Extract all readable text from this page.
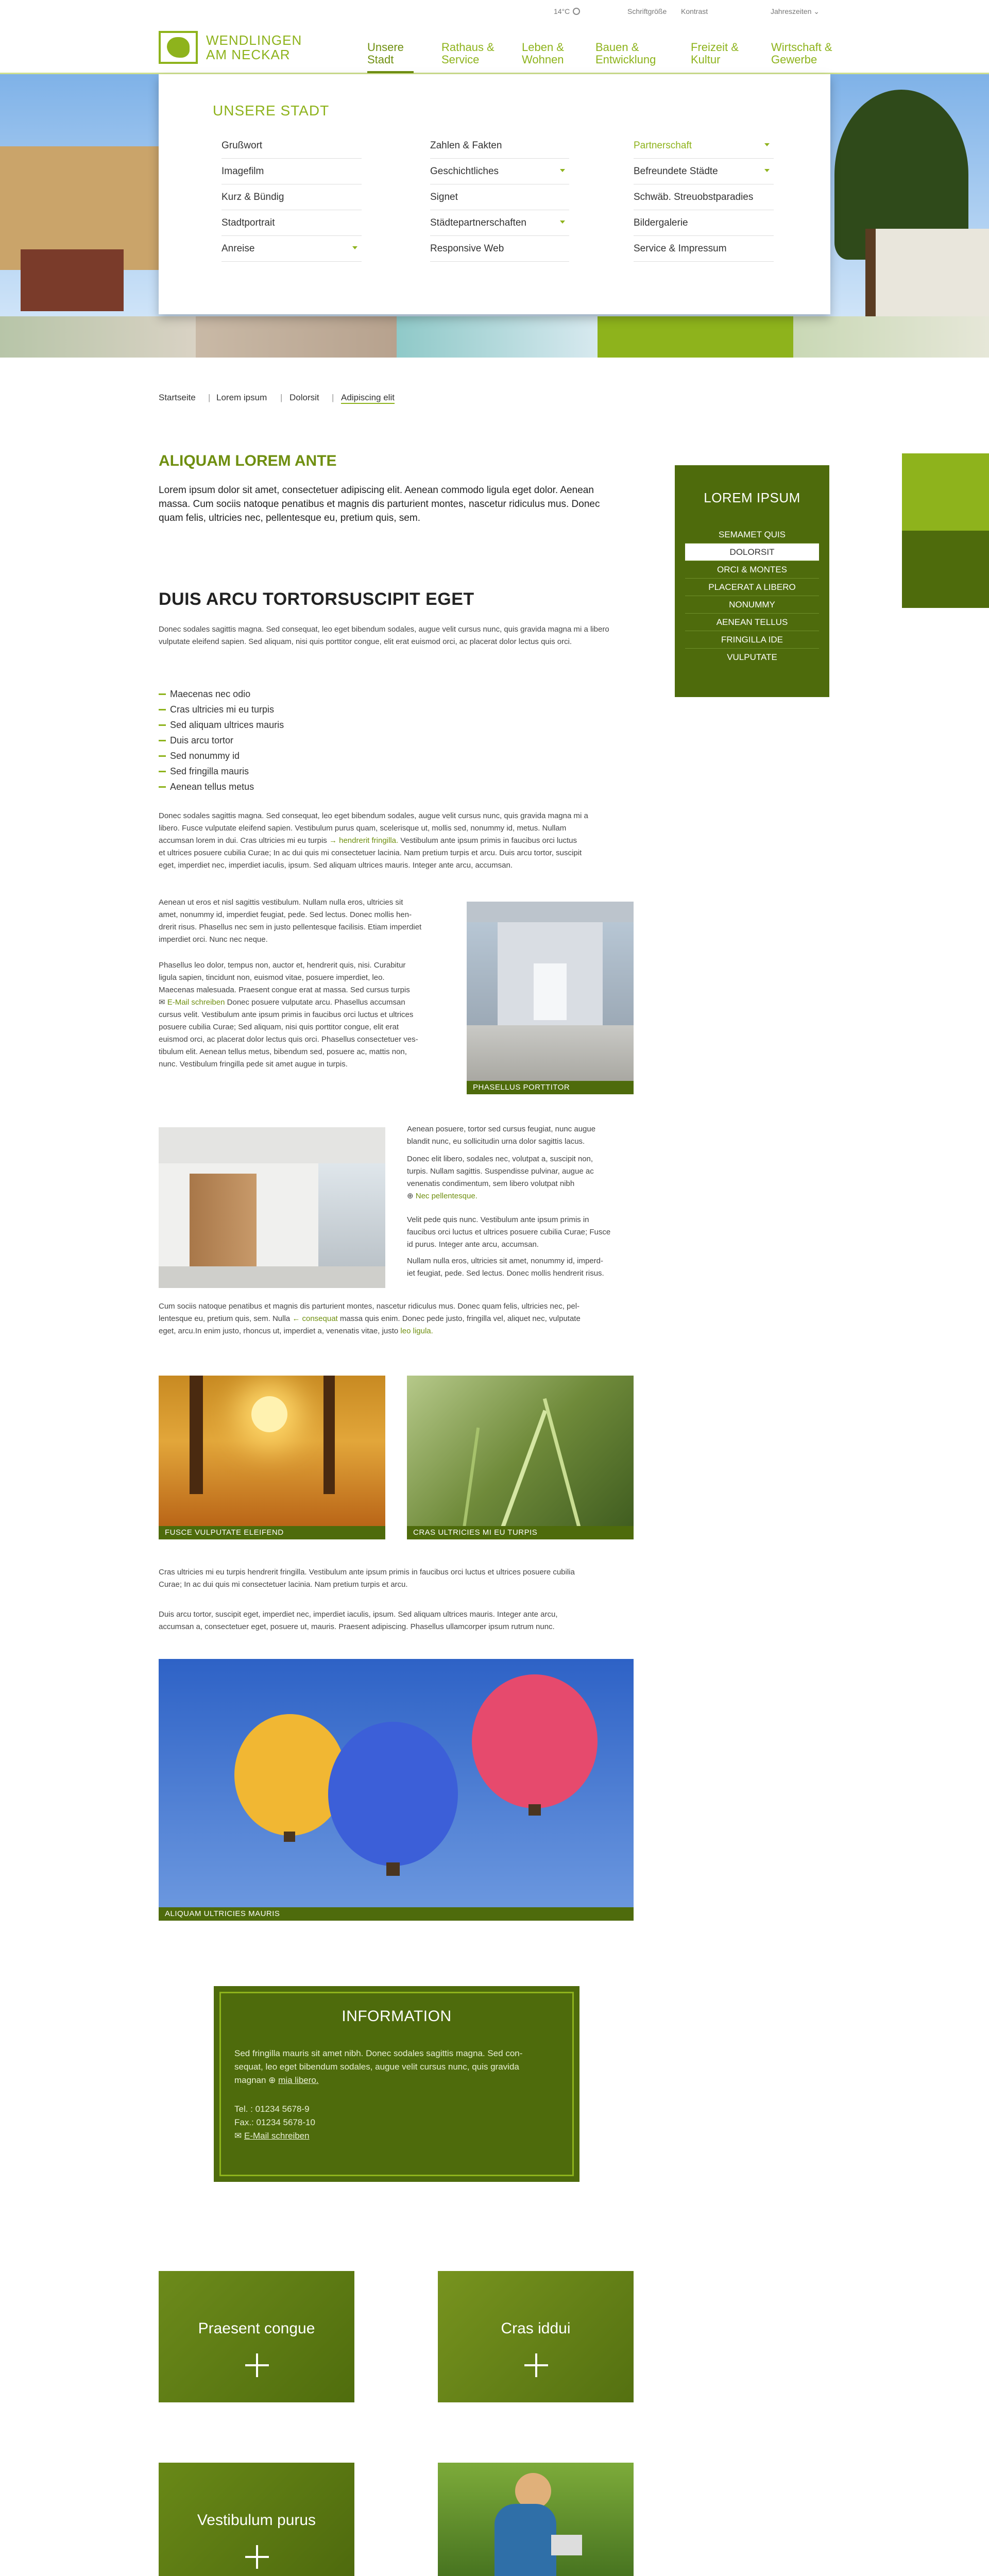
14°C	Schriftgröße Kontrast	Jahreszeiten ⌄
WENDLINGEN
AM NECKAR	Unsere
Stadt
Rathaus &
Service
Leben &
Wohnen
Bauen &
Entwicklung
Freizeit &
Kultur
Wirtschaft &
Gewerbe
UNSERE STADT
Grußwort
Imagefilm
Kurz & Bündig
Stadtportrait
Anreise
Zahlen & Fakten
Geschichtliches
Signet
Städtepartnerschaften
Responsive Web
Partnerschaft
Befreundete Städte
Schwäb. Streuobstparadies
Bildergalerie
Service & Impressum
Startseite | Lorem ipsum | Dolorsit | Adipiscing elit
ALIQUAM LOREM ANTE

Lorem ipsum dolor sit amet, consectetuer adipiscing elit. Aenean commodo ligula eget dolor. Aenean massa. Cum sociis natoque penatibus et magnis dis parturient montes, nascetur ridiculus mus. Donec quam felis, ultricies nec, pellentesque eu, pretium quis, sem.

DUIS ARCU TORTORSUSCIPIT EGET

Donec sodales sagittis magna. Sed consequat, leo eget bibendum sodales, augue velit cursus nunc, quis gravida magna mi a libero vulputate eleifend sapien. Sed aliquam, nisi quis porttitor congue, elit erat euismod orci, ac placerat dolor lectus quis orci.

Maecenas nec odio
Cras ultricies mi eu turpis
Sed aliquam ultrices mauris
Duis arcu tortor
Sed nonummy id
Sed fringilla mauris
Aenean tellus metus
Donec sodales sagittis magna. Sed consequat, leo eget bibendum sodales, augue velit cursus nunc, quis gravida magna mi a
libero. Fusce vulputate eleifend sapien. Vestibulum purus quam, scelerisque ut, mollis sed, nonummy id, metus. Nullam
accumsan lorem in dui. Cras ultricies mi eu turpis → hendrerit fringilla. Vestibulum ante ipsum primis in faucibus orci luctus
et ultrices posuere cubilia Curae; In ac dui quis mi consectetuer lacinia. Nam pretium turpis et arcu. Duis arcu tortor, suscipit
eget, imperdiet nec, imperdiet iaculis, ipsum. Sed aliquam ultrices mauris. Integer ante arcu, accumsan.
Aenean ut eros et nisl sagittis vestibulum. Nullam nulla eros, ultricies sit
amet, nonummy id, imperdiet feugiat, pede. Sed lectus. Donec mollis hen-
drerit risus. Phasellus nec sem in justo pellentesque facilisis. Etiam imperdiet
imperdiet orci. Nunc nec neque.
Phasellus leo dolor, tempus non, auctor et, hendrerit quis, nisi. Curabitur
ligula sapien, tincidunt non, euismod vitae, posuere imperdiet, leo.
Maecenas malesuada. Praesent congue erat at massa. Sed cursus turpis
✉ E-Mail schreiben Donec posuere vulputate arcu. Phasellus accumsan
cursus velit. Vestibulum ante ipsum primis in faucibus orci luctus et ultrices
posuere cubilia Curae; Sed aliquam, nisi quis porttitor congue, elit erat
euismod orci, ac placerat dolor lectus quis orci. Phasellus consectetuer ves-
tibulum elit. Aenean tellus metus, bibendum sed, posuere ac, mattis non,
nunc. Vestibulum fringilla pede sit amet augue in turpis.
PHASELLUS PORTTITOR
Aenean posuere, tortor sed cursus feugiat, nunc augue
blandit nunc, eu sollicitudin urna dolor sagittis lacus.
Donec elit libero, sodales nec, volutpat a, suscipit non,
turpis. Nullam sagittis. Suspendisse pulvinar, augue ac
venenatis condimentum, sem libero volutpat nibh
⊕ Nec pellentesque.
Velit pede quis nunc. Vestibulum ante ipsum primis in
faucibus orci luctus et ultrices posuere cubilia Curae; Fusce
id purus. Integer ante arcu, accumsan.
Nullam nulla eros, ultricies sit amet, nonummy id, imperd-
iet feugiat, pede. Sed lectus. Donec mollis hendrerit risus.
Cum sociis natoque penatibus et magnis dis parturient montes, nascetur ridiculus mus. Donec quam felis, ultricies nec, pel-
lentesque eu, pretium quis, sem. Nulla ← consequat massa quis enim. Donec pede justo, fringilla vel, aliquet nec, vulputate
eget, arcu.In enim justo, rhoncus ut, imperdiet a, venenatis vitae, justo leo ligula.
FUSCE VULPUTATE ELEIFEND	CRAS ULTRICIES MI EU TURPIS
Cras ultricies mi eu turpis hendrerit fringilla. Vestibulum ante ipsum primis in faucibus orci luctus et ultrices posuere cubilia
Curae; In ac dui quis mi consectetuer lacinia. Nam pretium turpis et arcu.
Duis arcu tortor, suscipit eget, imperdiet nec, imperdiet iaculis, ipsum. Sed aliquam ultrices mauris. Integer ante arcu,
accumsan a, consectetuer eget, posuere ut, mauris. Praesent adipiscing. Phasellus ullamcorper ipsum rutrum nunc.
ALIQUAM ULTRICIES MAURIS
LOREM IPSUM
SEMAMET QUIS
DOLORSIT
ORCI & MONTES
PLACERAT A LIBERO
NONUMMY
AENEAN TELLUS
FRINGILLA IDE
VULPUTATE
INFORMATION
Sed fringilla mauris sit amet nibh. Donec sodales sagittis magna. Sed con-
sequat, leo eget bibendum sodales, augue velit cursus nunc, quis gravida
magnan ⊕ mia libero.
Tel. : 01234 5678-9
Fax.: 01234 5678-10
✉ E-Mail schreiben
Praesent congue	Cras iddui
Vestibulum purus
